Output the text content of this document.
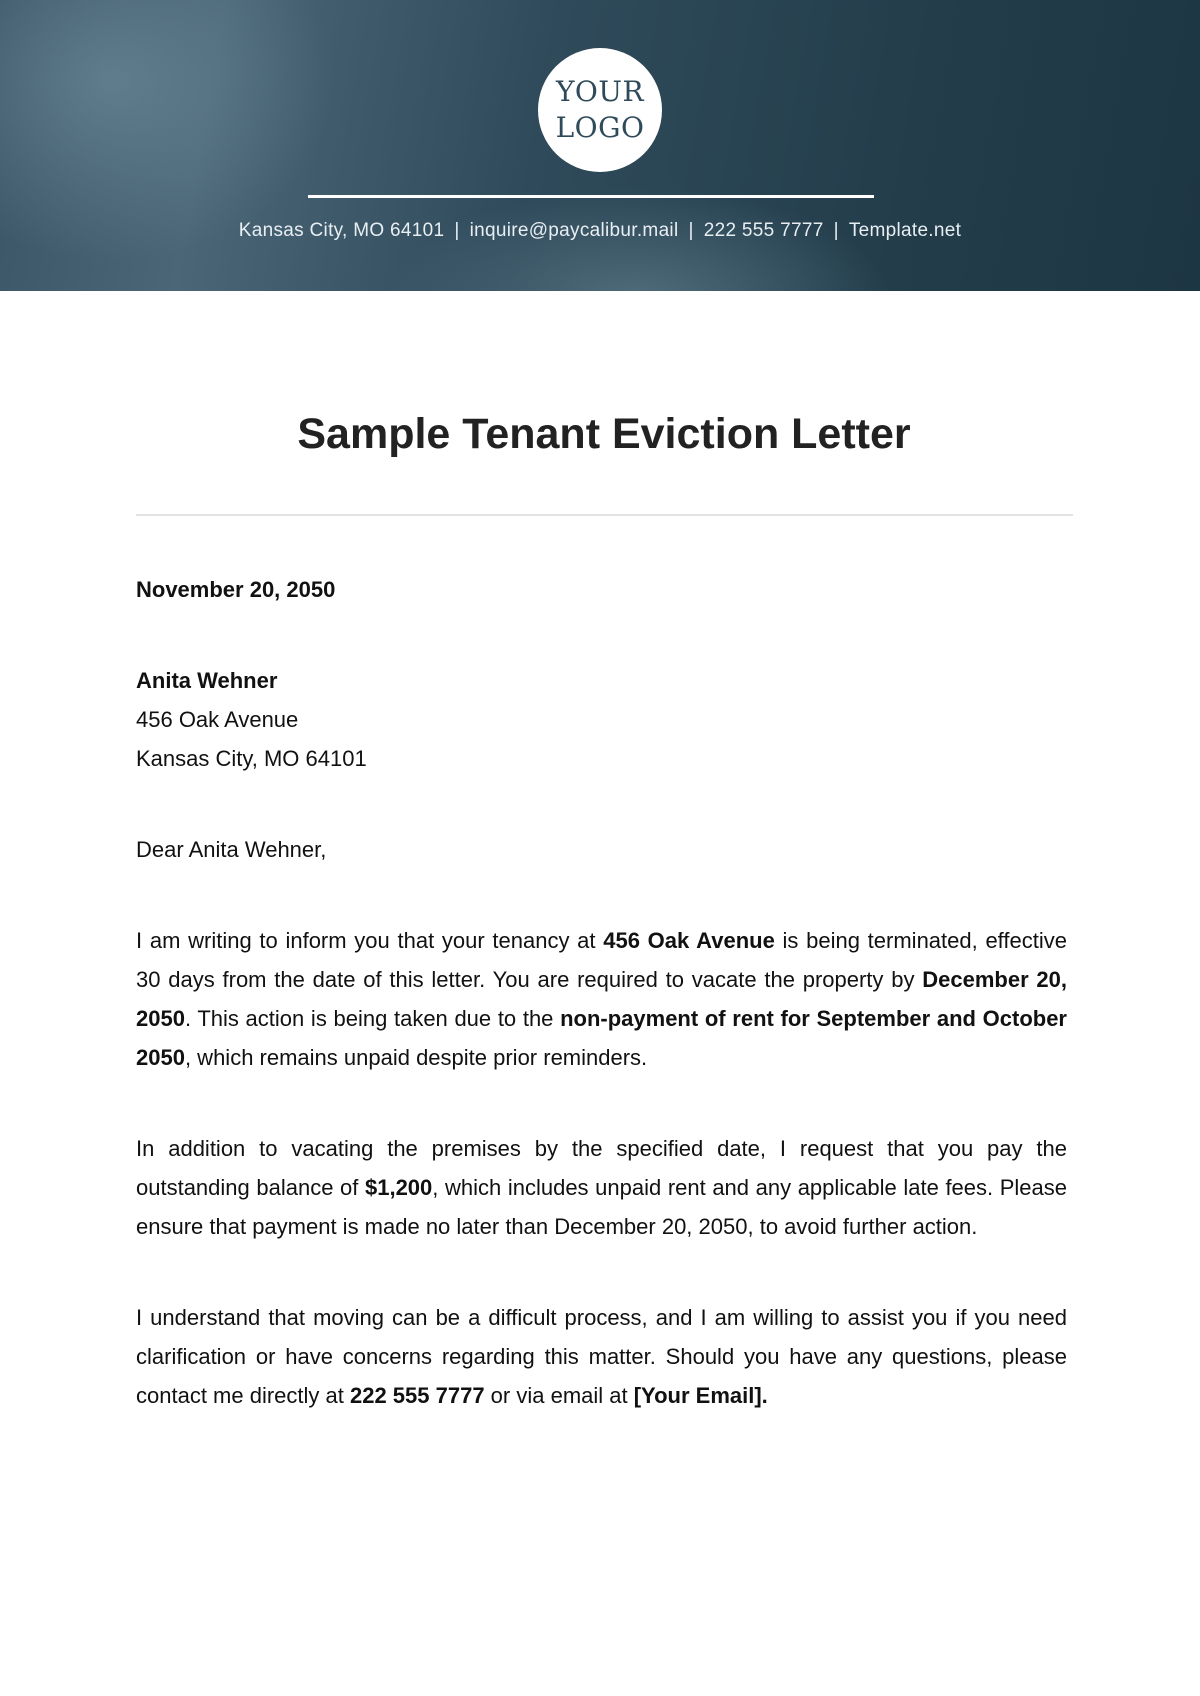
YOUR
LOGO
Kansas City, MO 64101 | inquire@paycalibur.mail | 222 555 7777 | Template.net
Sample Tenant Eviction Letter

November 20, 2050

Anita Wehner

456 Oak Avenue

Kansas City, MO 64101

Dear Anita Wehner,

I am writing to inform you that your tenancy at 456 Oak Avenue is being terminated, effective 30 days from the date of this letter. You are required to vacate the property by December 20, 2050. This action is being taken due to the non-payment of rent for September and October 2050, which remains unpaid despite prior reminders.

In addition to vacating the premises by the specified date, I request that you pay the outstanding balance of $1,200, which includes unpaid rent and any applicable late fees. Please ensure that payment is made no later than December 20, 2050, to avoid further action.

I understand that moving can be a difficult process, and I am willing to assist you if you need clarification or have concerns regarding this matter. Should you have any questions, please contact me directly at 222 555 7777 or via email at [Your Email].
